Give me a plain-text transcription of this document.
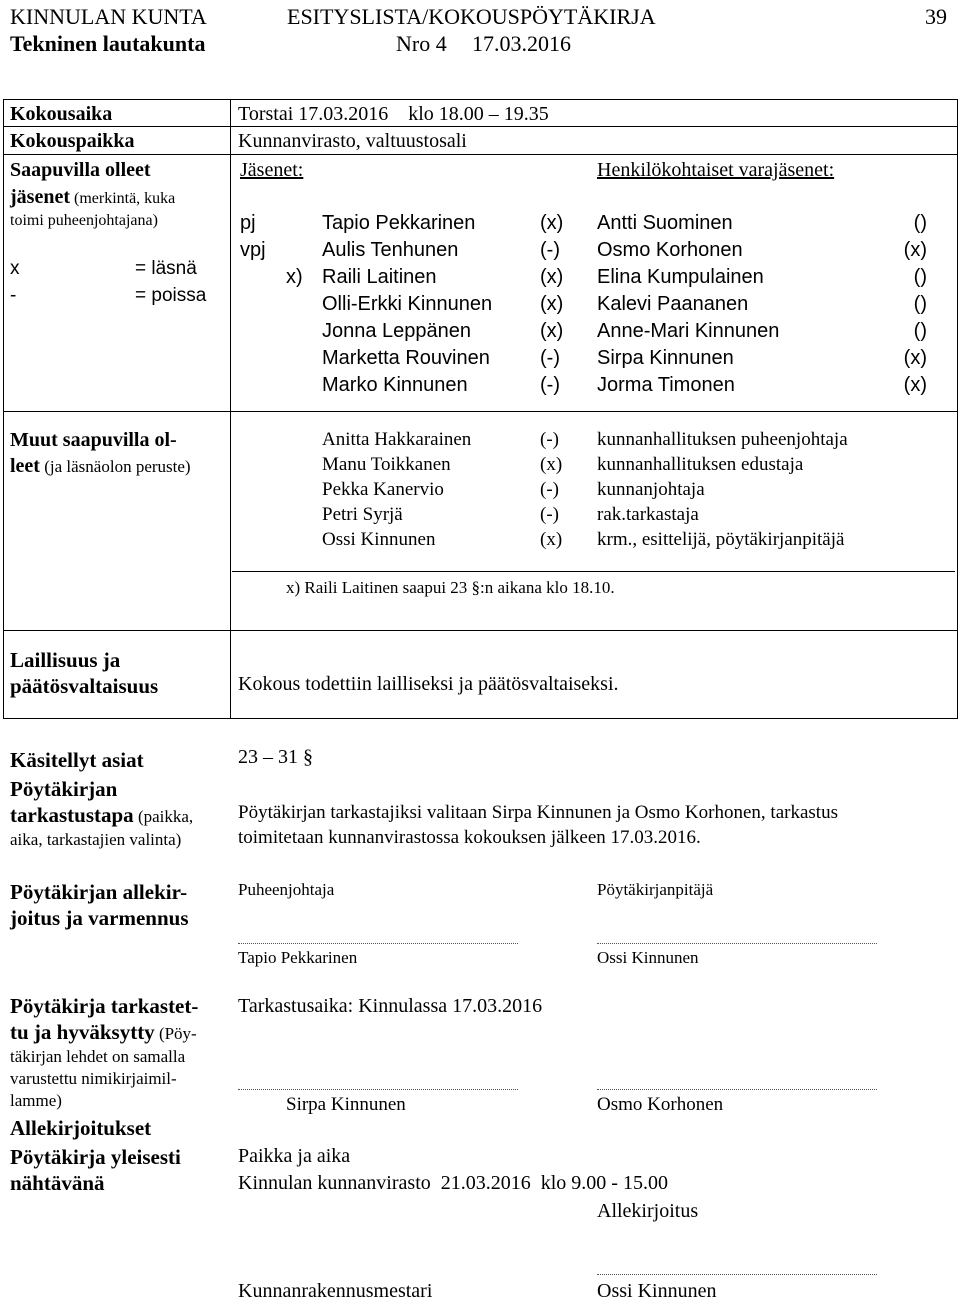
KINNULAN KUNTA	ESITYSLISTA/KOKOUSPÖYTÄKIRJA	39
Tekninen lautakunta	Nro 4 17.03.2016
Kokousaika	Torstai 17.03.2016    klo 18.00 – 19.35
Kokouspaikka	Kunnanvirasto, valtuustosali
Saapuvilla olleet
jäsenet (merkintä, kuka
toimi puheenjohtajana)
x	= läsnä
-	= poissa
Jäsenet:	Henkilökohtaiset varajäsenet:
pj	Tapio Pekkarinen	(x) Antti Suominen	()
vpj	Aulis Tenhunen	(-) Osmo Korhonen	(x)
x) Raili Laitinen	(x) Elina Kumpulainen	()
Olli-Erkki Kinnunen (x) Kalevi Paananen	()
Jonna Leppänen	(x) Anne-Mari Kinnunen	()
Marketta Rouvinen	(-) Sirpa Kinnunen	(x)
Marko Kinnunen	(-) Jorma Timonen	(x)
Muut saapuvilla ol-
leet (ja läsnäolon peruste)
Anitta Hakkarainen	(-) kunnanhallituksen puheenjohtaja
Manu Toikkanen	(x) kunnanhallituksen edustaja
Pekka Kanervio	(-) kunnanjohtaja
Petri Syrjä	(-) rak.tarkastaja
Ossi Kinnunen	(x) krm., esittelijä, pöytäkirjanpitäjä
x) Raili Laitinen saapui 23 §:n aikana klo 18.10.
Laillisuus ja
päätösvaltaisuus	Kokous todettiin lailliseksi ja päätösvaltaiseksi.
Käsitellyt asiat	23 – 31 §
Pöytäkirjan
tarkastustapa (paikka,
aika, tarkastajien valinta)
Pöytäkirjan tarkastajiksi valitaan Sirpa Kinnunen ja Osmo Korhonen, tarkastus
toimitetaan kunnanvirastossa kokouksen jälkeen 17.03.2016.
Pöytäkirjan allekir-
joitus ja varmennus
Puheenjohtaja	Pöytäkirjanpitäjä
Tapio Pekkarinen	Ossi Kinnunen
Pöytäkirja tarkastet-
tu ja hyväksytty (Pöy-
täkirjan lehdet on samalla
varustettu nimikirjaimil-
lamme)
Tarkastusaika: Kinnulassa 17.03.2016
Sirpa Kinnunen	Osmo Korhonen
Allekirjoitukset
Pöytäkirja yleisesti
nähtävänä
Paikka ja aika
Kinnulan kunnanvirasto  21.03.2016  klo 9.00 - 15.00
Allekirjoitus
Kunnanrakennusmestari	Ossi Kinnunen
